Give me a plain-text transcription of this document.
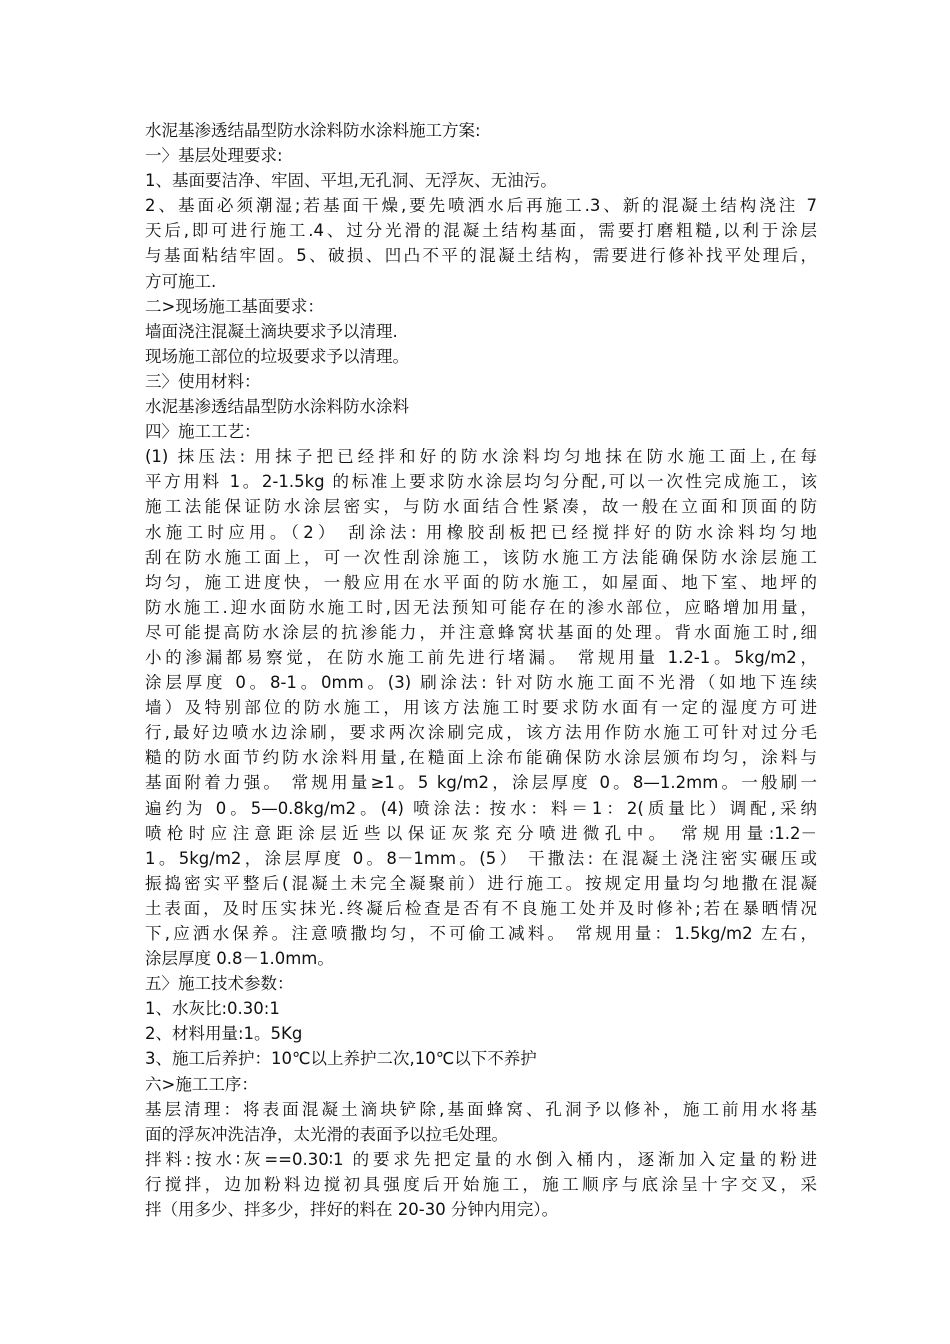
水泥基渗透结晶型防水涂料防水涂料施工方案:
一〉基层处理要求:
1、基面要洁净、牢固、平坦,无孔洞、无浮灰、无油污。
2、基面必须潮湿;若基面干燥,要先喷洒水后再施工.3、新的混凝土结构浇注 7
天后,即可进行施工.4、过分光滑的混凝土结构基面，需要打磨粗糙,以利于涂层
与基面粘结牢固。5、破损、凹凸不平的混凝土结构，需要进行修补找平处理后，
方可施工.
二>现场施工基面要求：
墙面浇注混凝土滴块要求予以清理.
现场施工部位的垃圾要求予以清理。
三〉使用材料：
水泥基渗透结晶型防水涂料防水涂料
四〉施工工艺：
(1) 抹压法: 用抹子把已经拌和好的防水涂料均匀地抹在防水施工面上,在每
平方用料 1。2-1.5kg 的标准上要求防水涂层均匀分配,可以一次性完成施工，该
施工法能保证防水涂层密实，与防水面结合性紧凑，故一般在立面和顶面的防
水施工时应用。（2） 刮涂法: 用橡胶刮板把已经搅拌好的防水涂料均匀地
刮在防水施工面上，可一次性刮涂施工，该防水施工方法能确保防水涂层施工
均匀，施工进度快，一般应用在水平面的防水施工，如屋面、地下室、地坪的
防水施工.迎水面防水施工时,因无法预知可能存在的渗水部位，应略增加用量，
尽可能提高防水涂层的抗渗能力，并注意蜂窝状基面的处理。背水面施工时,细
小的渗漏都易察觉，在防水施工前先进行堵漏。 常规用量 1.2-1。5kg/m2，
涂层厚度 0。8-1。0mm。(3) 刷涂法: 针对防水施工面不光滑（如地下连续
墙）及特别部位的防水施工，用该方法施工时要求防水面有一定的湿度方可进
行,最好边喷水边涂刷，要求两次涂刷完成，该方法用作防水施工可针对过分毛
糙的防水面节约防水涂料用量,在糙面上涂布能确保防水涂层颁布均匀，涂料与
基面附着力强。 常规用量≥1。5 kg/m2，涂层厚度 0。8—1.2mm。一般刷一
遍约为 0。5—0.8kg/m2。(4) 喷涂法: 按水：料＝1：2(质量比）调配,采纳
喷枪时应注意距涂层近些以保证灰浆充分喷进微孔中。 常规用量:1.2－
1。5kg/m2，涂层厚度 0。8－1mm。(5） 干撒法: 在混凝土浇注密实碾压或
振捣密实平整后(混凝土未完全凝聚前）进行施工。按规定用量均匀地撒在混凝
土表面，及时压实抹光.终凝后检查是否有不良施工处并及时修补;若在暴晒情况
下,应洒水保养。注意喷撒均匀，不可偷工减料。 常规用量：1.5kg/m2 左右，
涂层厚度 0.8－1.0mm。
五〉施工技术参数：
1、水灰比:0.30:1
2、材料用量:1。5Kg
3、施工后养护：10℃以上养护二次,10℃以下不养护
六>施工工序：
基层清理：将表面混凝土滴块铲除,基面蜂窝、孔洞予以修补，施工前用水将基
面的浮灰冲洗洁净，太光滑的表面予以拉毛处理。
拌料:按水∶灰==0.30∶1 的要求先把定量的水倒入桶内，逐渐加入定量的粉进
行搅拌，边加粉料边搅初具强度后开始施工，施工顺序与底涂呈十字交叉，采
拌（用多少、拌多少，拌好的料在 20-30 分钟内用完）。
